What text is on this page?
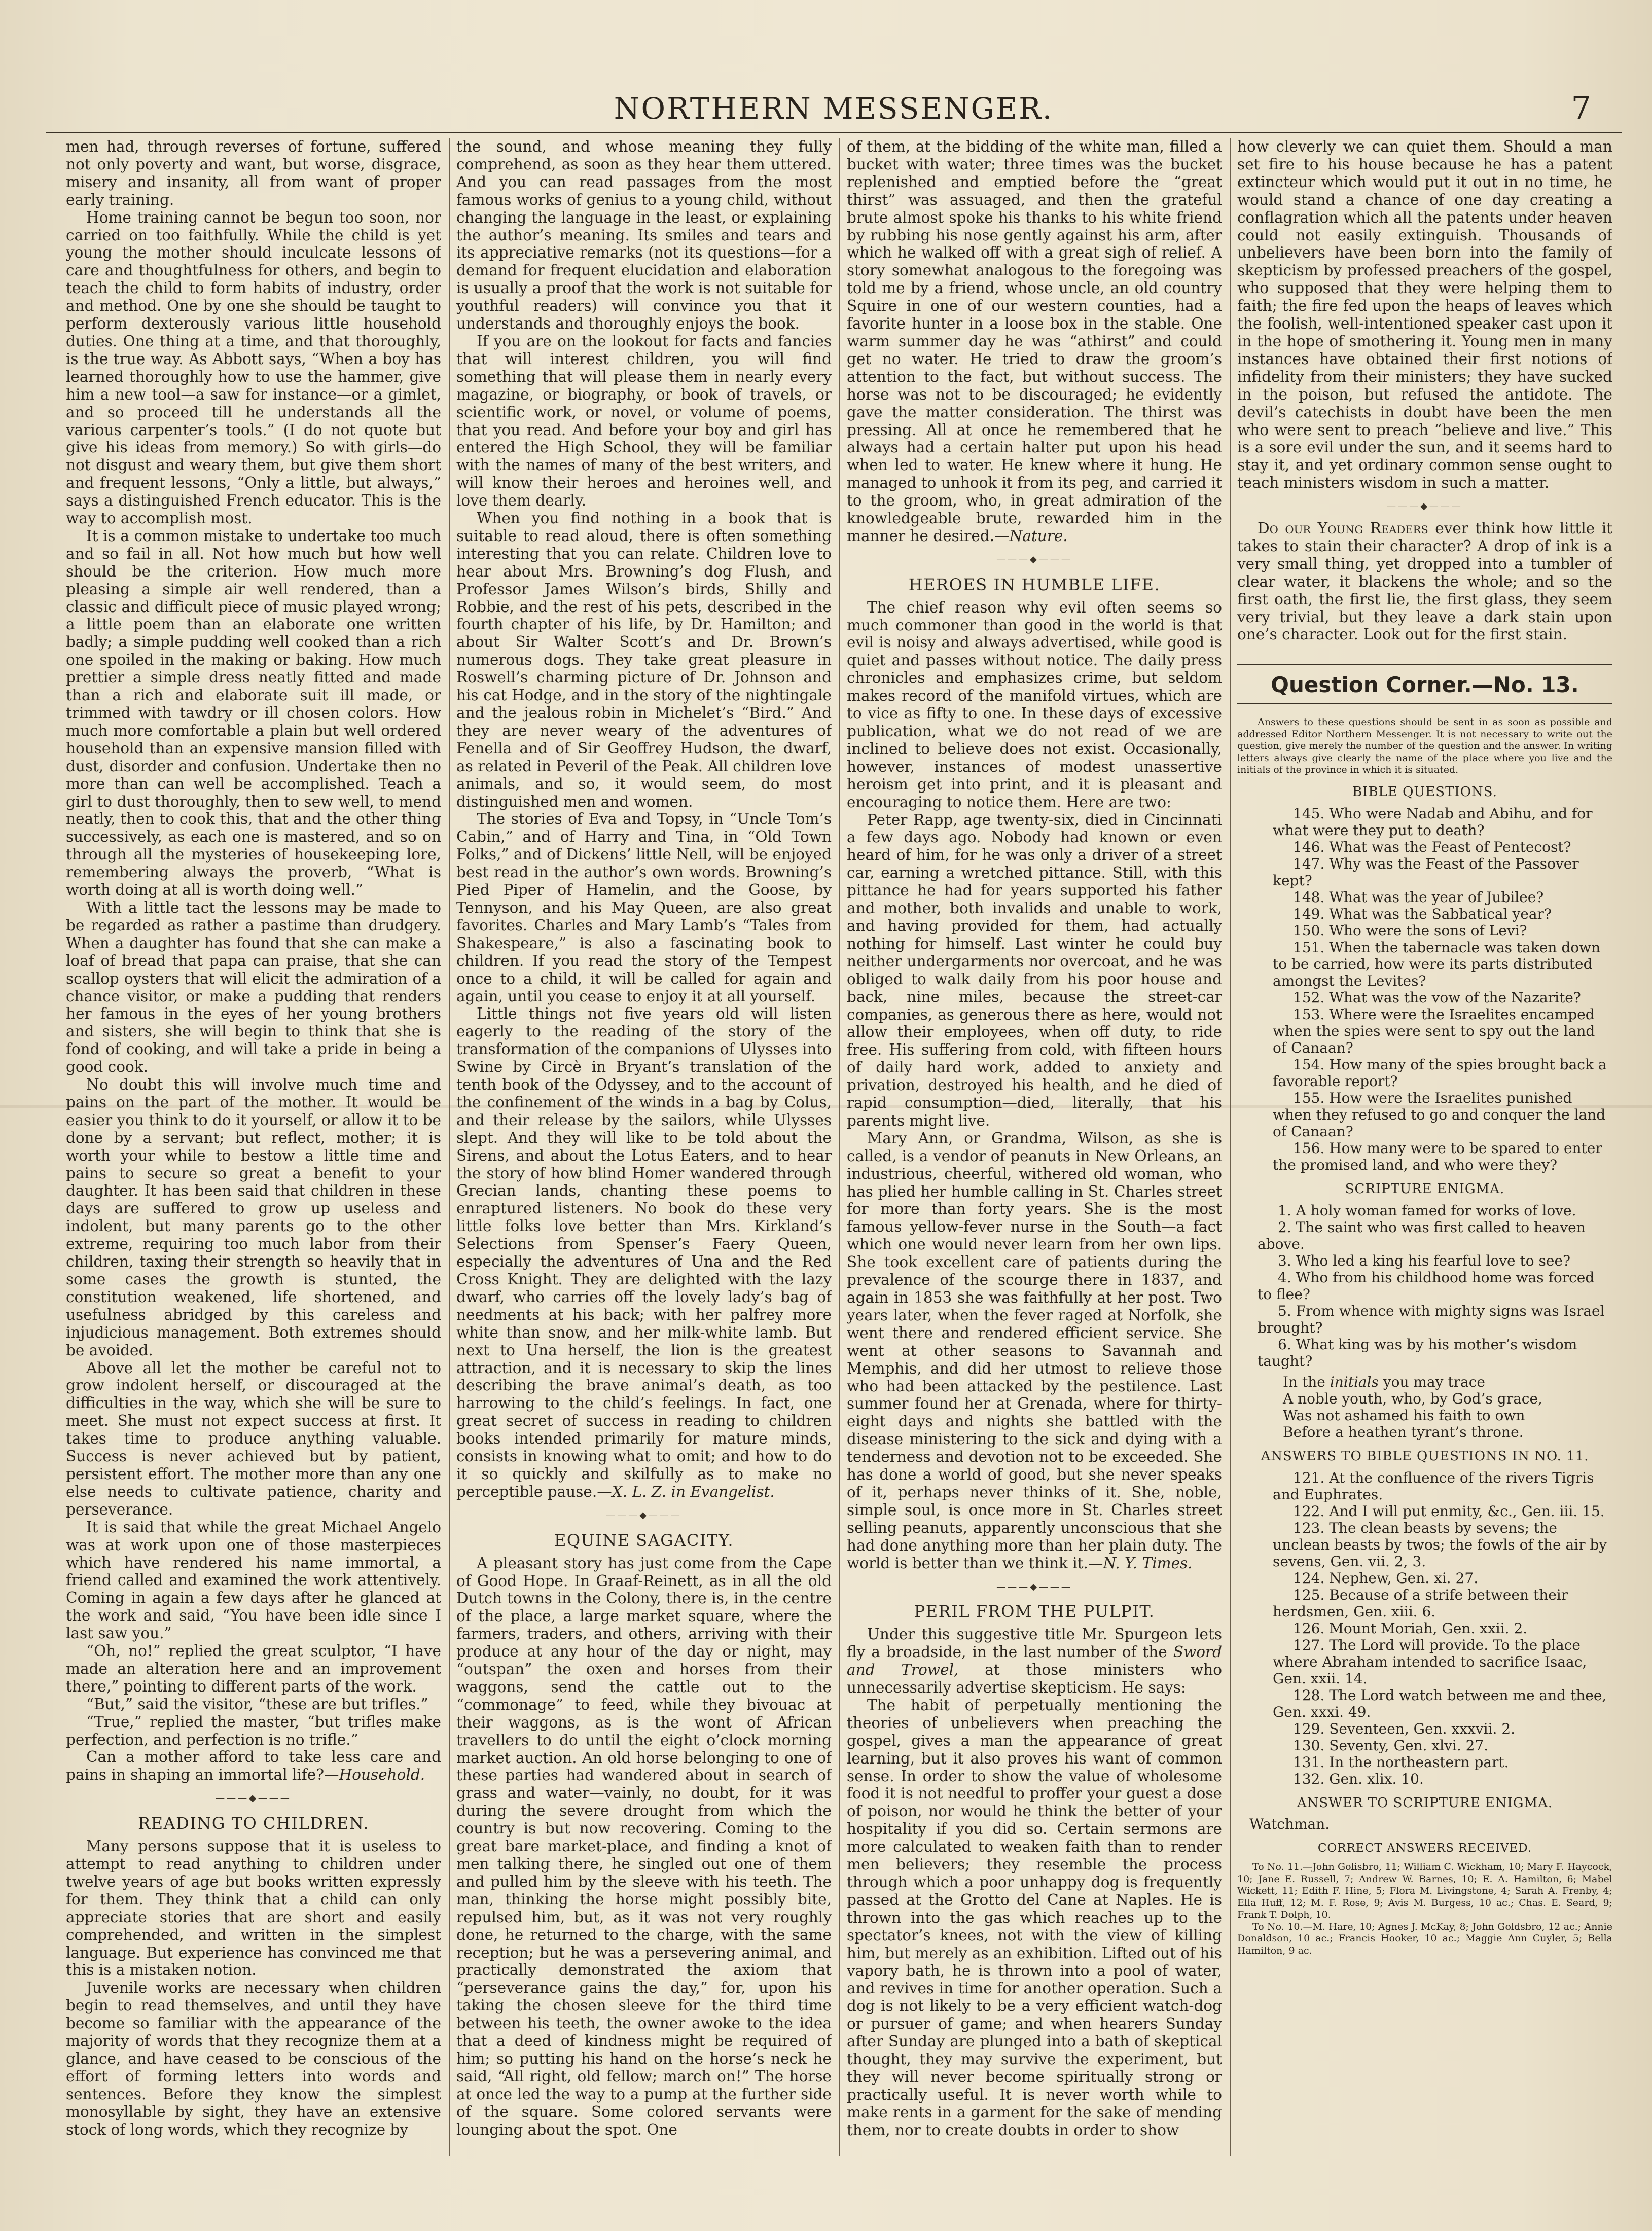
NORTHERN MESSENGER.	7

men had, through reverses of fortune, suffered not only poverty and want, but worse, disgrace, misery and insanity, all from want of proper early training.

Home training cannot be begun too soon, nor carried on too faithfully. While the child is yet young the mother should inculcate lessons of care and thoughtfulness for others, and begin to teach the child to form habits of industry, order and method. One by one she should be taught to perform dexterously various little household duties. One thing at a time, and that thoroughly, is the true way. As Abbott says, “When a boy has learned thoroughly how to use the hammer, give him a new tool—a saw for instance—or a gimlet, and so proceed till he understands all the various carpenter’s tools.” (I do not quote but give his ideas from memory.) So with girls—do not disgust and weary them, but give them short and frequent lessons, “Only a little, but always,” says a distinguished French educator. This is the way to accomplish most.

It is a common mistake to undertake too much and so fail in all. Not how much but how well should be the criterion. How much more pleasing a simple air well rendered, than a classic and difficult piece of music played wrong; a little poem than an elaborate one written badly; a simple pudding well cooked than a rich one spoiled in the making or baking. How much prettier a simple dress neatly fitted and made than a rich and elaborate suit ill made, or trimmed with tawdry or ill chosen colors. How much more comfortable a plain but well ordered household than an expensive mansion filled with dust, disorder and confusion. Undertake then no more than can well be accomplished. Teach a girl to dust thoroughly, then to sew well, to mend neatly, then to cook this, that and the other thing successively, as each one is mastered, and so on through all the mysteries of housekeeping lore, remembering always the proverb, “What is worth doing at all is worth doing well.”

With a little tact the lessons may be made to be regarded as rather a pastime than drudgery. When a daughter has found that she can make a loaf of bread that papa can praise, that she can scallop oysters that will elicit the admiration of a chance visitor, or make a pudding that renders her famous in the eyes of her young brothers and sisters, she will begin to think that she is fond of cooking, and will take a pride in being a good cook.

No doubt this will involve much time and pains on the part of the mother. It would be easier you think to do it yourself, or allow it to be done by a servant; but reflect, mother; it is worth your while to bestow a little time and pains to secure so great a benefit to your daughter. It has been said that children in these days are suffered to grow up useless and indolent, but many parents go to the other extreme, requiring too much labor from their children, taxing their strength so heavily that in some cases the growth is stunted, the constitution weakened, life shortened, and usefulness abridged by this careless and injudicious management. Both extremes should be avoided.

Above all let the mother be careful not to grow indolent herself, or discouraged at the difficulties in the way, which she will be sure to meet. She must not expect success at first. It takes time to produce anything valuable. Success is never achieved but by patient, persistent effort. The mother more than any one else needs to cultivate patience, charity and perseverance.

It is said that while the great Michael Angelo was at work upon one of those masterpieces which have rendered his name immortal, a friend called and examined the work attentively. Coming in again a few days after he glanced at the work and said, “You have been idle since I last saw you.”

“Oh, no!” replied the great sculptor, “I have made an alteration here and an improvement there,” pointing to different parts of the work.

“But,” said the visitor, “these are but trifles.”

“True,” replied the master, “but trifles make perfection, and perfection is no trifle.”

Can a mother afford to take less care and pains in shaping an immortal life?—Household.

———◆———
READING TO CHILDREN.

Many persons suppose that it is useless to attempt to read anything to children under twelve years of age but books written expressly for them. They think that a child can only appreciate stories that are short and easily comprehended, and written in the simplest language. But experience has convinced me that this is a mistaken notion.

Juvenile works are necessary when children begin to read themselves, and until they have become so familiar with the appearance of the majority of words that they recognize them at a glance, and have ceased to be conscious of the effort of forming letters into words and sentences. Before they know the simplest monosyllable by sight, they have an extensive stock of long words, which they recognize by

the sound, and whose meaning they fully comprehend, as soon as they hear them uttered. And you can read passages from the most famous works of genius to a young child, without changing the language in the least, or explaining the author’s meaning. Its smiles and tears and its appreciative remarks (not its questions—for a demand for frequent elucidation and elaboration is usually a proof that the work is not suitable for youthful readers) will convince you that it understands and thoroughly enjoys the book.

If you are on the lookout for facts and fancies that will interest children, you will find something that will please them in nearly every magazine, or biography, or book of travels, or scientific work, or novel, or volume of poems, that you read. And before your boy and girl has entered the High School, they will be familiar with the names of many of the best writers, and will know their heroes and heroines well, and love them dearly.

When you find nothing in a book that is suitable to read aloud, there is often something interesting that you can relate. Children love to hear about Mrs. Browning’s dog Flush, and Professor James Wilson’s birds, Shilly and Robbie, and the rest of his pets, described in the fourth chapter of his life, by Dr. Hamilton; and about Sir Walter Scott’s and Dr. Brown’s numerous dogs. They take great pleasure in Roswell’s charming picture of Dr. Johnson and his cat Hodge, and in the story of the nightingale and the jealous robin in Michelet’s “Bird.” And they are never weary of the adventures of Fenella and of Sir Geoffrey Hudson, the dwarf, as related in Peveril of the Peak. All children love animals, and so, it would seem, do most distinguished men and women.

The stories of Eva and Topsy, in “Uncle Tom’s Cabin,” and of Harry and Tina, in “Old Town Folks,” and of Dickens’ little Nell, will be enjoyed best read in the author’s own words. Browning’s Pied Piper of Hamelin, and the Goose, by Tennyson, and his May Queen, are also great favorites. Charles and Mary Lamb’s “Tales from Shakespeare,” is also a fascinating book to children. If you read the story of the Tempest once to a child, it will be called for again and again, until you cease to enjoy it at all yourself.

Little things not five years old will listen eagerly to the reading of the story of the transformation of the companions of Ulysses into Swine by Circè in Bryant’s translation of the tenth book of the Odyssey, and to the account of the confinement of the winds in a bag by Colus, and their release by the sailors, while Ulysses slept. And they will like to be told about the Sirens, and about the Lotus Eaters, and to hear the story of how blind Homer wandered through Grecian lands, chanting these poems to enraptured listeners. No book do these very little folks love better than Mrs. Kirkland’s Selections from Spenser’s Faery Queen, especially the adventures of Una and the Red Cross Knight. They are delighted with the lazy dwarf, who carries off the lovely lady’s bag of needments at his back; with her palfrey more white than snow, and her milk-white lamb. But next to Una herself, the lion is the greatest attraction, and it is necessary to skip the lines describing the brave animal’s death, as too harrowing to the child’s feelings. In fact, one great secret of success in reading to children books intended primarily for mature minds, consists in knowing what to omit; and how to do it so quickly and skilfully as to make no perceptible pause.—X. L. Z. in Evangelist.

———◆———
EQUINE SAGACITY.

A pleasant story has just come from the Cape of Good Hope. In Graaf-Reinett, as in all the old Dutch towns in the Colony, there is, in the centre of the place, a large market square, where the farmers, traders, and others, arriving with their produce at any hour of the day or night, may “outspan” the oxen and horses from their waggons, send the cattle out to the “commonage” to feed, while they bivouac at their waggons, as is the wont of African travellers to do until the eight o’clock morning market auction. An old horse belonging to one of these parties had wandered about in search of grass and water—vainly, no doubt, for it was during the severe drought from which the country is but now recovering. Coming to the great bare market-place, and finding a knot of men talking there, he singled out one of them and pulled him by the sleeve with his teeth. The man, thinking the horse might possibly bite, repulsed him, but, as it was not very roughly done, he returned to the charge, with the same reception; but he was a persevering animal, and practically demonstrated the axiom that “perseverance gains the day,” for, upon his taking the chosen sleeve for the third time between his teeth, the owner awoke to the idea that a deed of kindness might be required of him; so putting his hand on the horse’s neck he said, “All right, old fellow; march on!” The horse at once led the way to a pump at the further side of the square. Some colored servants were lounging about the spot. One

of them, at the bidding of the white man, filled a bucket with water; three times was the bucket replenished and emptied before the “great thirst” was assuaged, and then the grateful brute almost spoke his thanks to his white friend by rubbing his nose gently against his arm, after which he walked off with a great sigh of relief. A story somewhat analogous to the foregoing was told me by a friend, whose uncle, an old country Squire in one of our western counties, had a favorite hunter in a loose box in the stable. One warm summer day he was “athirst” and could get no water. He tried to draw the groom’s attention to the fact, but without success. The horse was not to be discouraged; he evidently gave the matter consideration. The thirst was pressing. All at once he remembered that he always had a certain halter put upon his head when led to water. He knew where it hung. He managed to unhook it from its peg, and carried it to the groom, who, in great admiration of the knowledgeable brute, rewarded him in the manner he desired.—Nature.

———◆———
HEROES IN HUMBLE LIFE.

The chief reason why evil often seems so much commoner than good in the world is that evil is noisy and always advertised, while good is quiet and passes without notice. The daily press chronicles and emphasizes crime, but seldom makes record of the manifold virtues, which are to vice as fifty to one. In these days of excessive publication, what we do not read of we are inclined to believe does not exist. Occasionally, however, instances of modest unassertive heroism get into print, and it is pleasant and encouraging to notice them. Here are two:

Peter Rapp, age twenty-six, died in Cincinnati a few days ago. Nobody had known or even heard of him, for he was only a driver of a street car, earning a wretched pittance. Still, with this pittance he had for years supported his father and mother, both invalids and unable to work, and having provided for them, had actually nothing for himself. Last winter he could buy neither undergarments nor overcoat, and he was obliged to walk daily from his poor house and back, nine miles, because the street-car companies, as generous there as here, would not allow their employees, when off duty, to ride free. His suffering from cold, with fifteen hours of daily hard work, added to anxiety and privation, destroyed his health, and he died of rapid consumption—died, literally, that his parents might live.

Mary Ann, or Grandma, Wilson, as she is called, is a vendor of peanuts in New Orleans, an industrious, cheerful, withered old woman, who has plied her humble calling in St. Charles street for more than forty years. She is the most famous yellow-fever nurse in the South—a fact which one would never learn from her own lips. She took excellent care of patients during the prevalence of the scourge there in 1837, and again in 1853 she was faithfully at her post. Two years later, when the fever raged at Norfolk, she went there and rendered efficient service. She went at other seasons to Savannah and Memphis, and did her utmost to relieve those who had been attacked by the pestilence. Last summer found her at Grenada, where for thirty-eight days and nights she battled with the disease ministering to the sick and dying with a tenderness and devotion not to be exceeded. She has done a world of good, but she never speaks of it, perhaps never thinks of it. She, noble, simple soul, is once more in St. Charles street selling peanuts, apparently unconscious that she had done anything more than her plain duty. The world is better than we think it.—N. Y. Times.

———◆———
PERIL FROM THE PULPIT.

Under this suggestive title Mr. Spurgeon lets fly a broadside, in the last number of the Sword and Trowel, at those ministers who unnecessarily advertise skepticism. He says:

The habit of perpetually mentioning the theories of unbelievers when preaching the gospel, gives a man the appearance of great learning, but it also proves his want of common sense. In order to show the value of wholesome food it is not needful to proffer your guest a dose of poison, nor would he think the better of your hospitality if you did so. Certain sermons are more calculated to weaken faith than to render men believers; they resemble the process through which a poor unhappy dog is frequently passed at the Grotto del Cane at Naples. He is thrown into the gas which reaches up to the spectator’s knees, not with the view of killing him, but merely as an exhibition. Lifted out of his vapory bath, he is thrown into a pool of water, and revives in time for another operation. Such a dog is not likely to be a very efficient watch-dog or pursuer of game; and when hearers Sunday after Sunday are plunged into a bath of skeptical thought, they may survive the experiment, but they will never become spiritually strong or practically useful. It is never worth while to make rents in a garment for the sake of mending them, nor to create doubts in order to show

how cleverly we can quiet them. Should a man set fire to his house because he has a patent extincteur which would put it out in no time, he would stand a chance of one day creating a conflagration which all the patents under heaven could not easily extinguish. Thousands of unbelievers have been born into the family of skepticism by professed preachers of the gospel, who supposed that they were helping them to faith; the fire fed upon the heaps of leaves which the foolish, well-intentioned speaker cast upon it in the hope of smothering it. Young men in many instances have obtained their first notions of infidelity from their ministers; they have sucked in the poison, but refused the antidote. The devil’s catechists in doubt have been the men who were sent to preach “believe and live.” This is a sore evil under the sun, and it seems hard to stay it, and yet ordinary common sense ought to teach ministers wisdom in such a matter.

———◆———

Do our Young Readers ever think how little it takes to stain their character? A drop of ink is a very small thing, yet dropped into a tumbler of clear water, it blackens the whole; and so the first oath, the first lie, the first glass, they seem very trivial, but they leave a dark stain upon one’s character. Look out for the first stain.

Question Corner.—No. 13.

Answers to these questions should be sent in as soon as possible and addressed Editor Northern Messenger. It is not necessary to write out the question, give merely the number of the question and the answer. In writing letters always give clearly the name of the place where you live and the initials of the province in which it is situated.

BIBLE QUESTIONS.

145. Who were Nadab and Abihu, and for what were they put to death?

146. What was the Feast of Pentecost?

147. Why was the Feast of the Passover kept?

148. What was the year of Jubilee?

149. What was the Sabbatical year?

150. Who were the sons of Levi?

151. When the tabernacle was taken down to be carried, how were its parts distributed amongst the Levites?

152. What was the vow of the Nazarite?

153. Where were the Israelites encamped when the spies were sent to spy out the land of Canaan?

154. How many of the spies brought back a favorable report?

155. How were the Israelites punished when they refused to go and conquer the land of Canaan?

156. How many were to be spared to enter the promised land, and who were they?

SCRIPTURE ENIGMA.

1. A holy woman famed for works of love.

2. The saint who was first called to heaven above.

3. Who led a king his fearful love to see?

4. Who from his childhood home was forced to flee?

5. From whence with mighty signs was Israel brought?

6. What king was by his mother’s wisdom taught?

In the initials you may trace
A noble youth, who, by God’s grace,
Was not ashamed his faith to own
Before a heathen tyrant’s throne.
ANSWERS TO BIBLE QUESTIONS IN NO. 11.

121. At the confluence of the rivers Tigris and Euphrates.

122. And I will put enmity, &c., Gen. iii. 15.

123. The clean beasts by sevens; the unclean beasts by twos; the fowls of the air by sevens, Gen. vii. 2, 3.

124. Nephew, Gen. xi. 27.

125. Because of a strife between their herdsmen, Gen. xiii. 6.

126. Mount Moriah, Gen. xxii. 2.

127. The Lord will provide. To the place where Abraham intended to sacrifice Isaac, Gen. xxii. 14.

128. The Lord watch between me and thee, Gen. xxxi. 49.

129. Seventeen, Gen. xxxvii. 2.

130. Seventy, Gen. xlvi. 27.

131. In the northeastern part.

132. Gen. xlix. 10.

ANSWER TO SCRIPTURE ENIGMA.

Watchman.

CORRECT ANSWERS RECEIVED.

To No. 11.—John Golisbro, 11; William C. Wickham, 10; Mary F. Haycock, 10; Jane E. Russell, 7; Andrew W. Barnes, 10; E. A. Hamilton, 6; Mabel Wickett, 11; Edith F. Hine, 5; Flora M. Livingstone, 4; Sarah A. Frenby, 4; Ella Huff, 12; M. F. Rose, 9; Avis M. Burgess, 10 ac.; Chas. E. Seard, 9; Frank T. Dolph, 10.

To No. 10.—M. Hare, 10; Agnes J. McKay, 8; John Goldsbro, 12 ac.; Annie Donaldson, 10 ac.; Francis Hooker, 10 ac.; Maggie Ann Cuyler, 5; Bella Hamilton, 9 ac.
